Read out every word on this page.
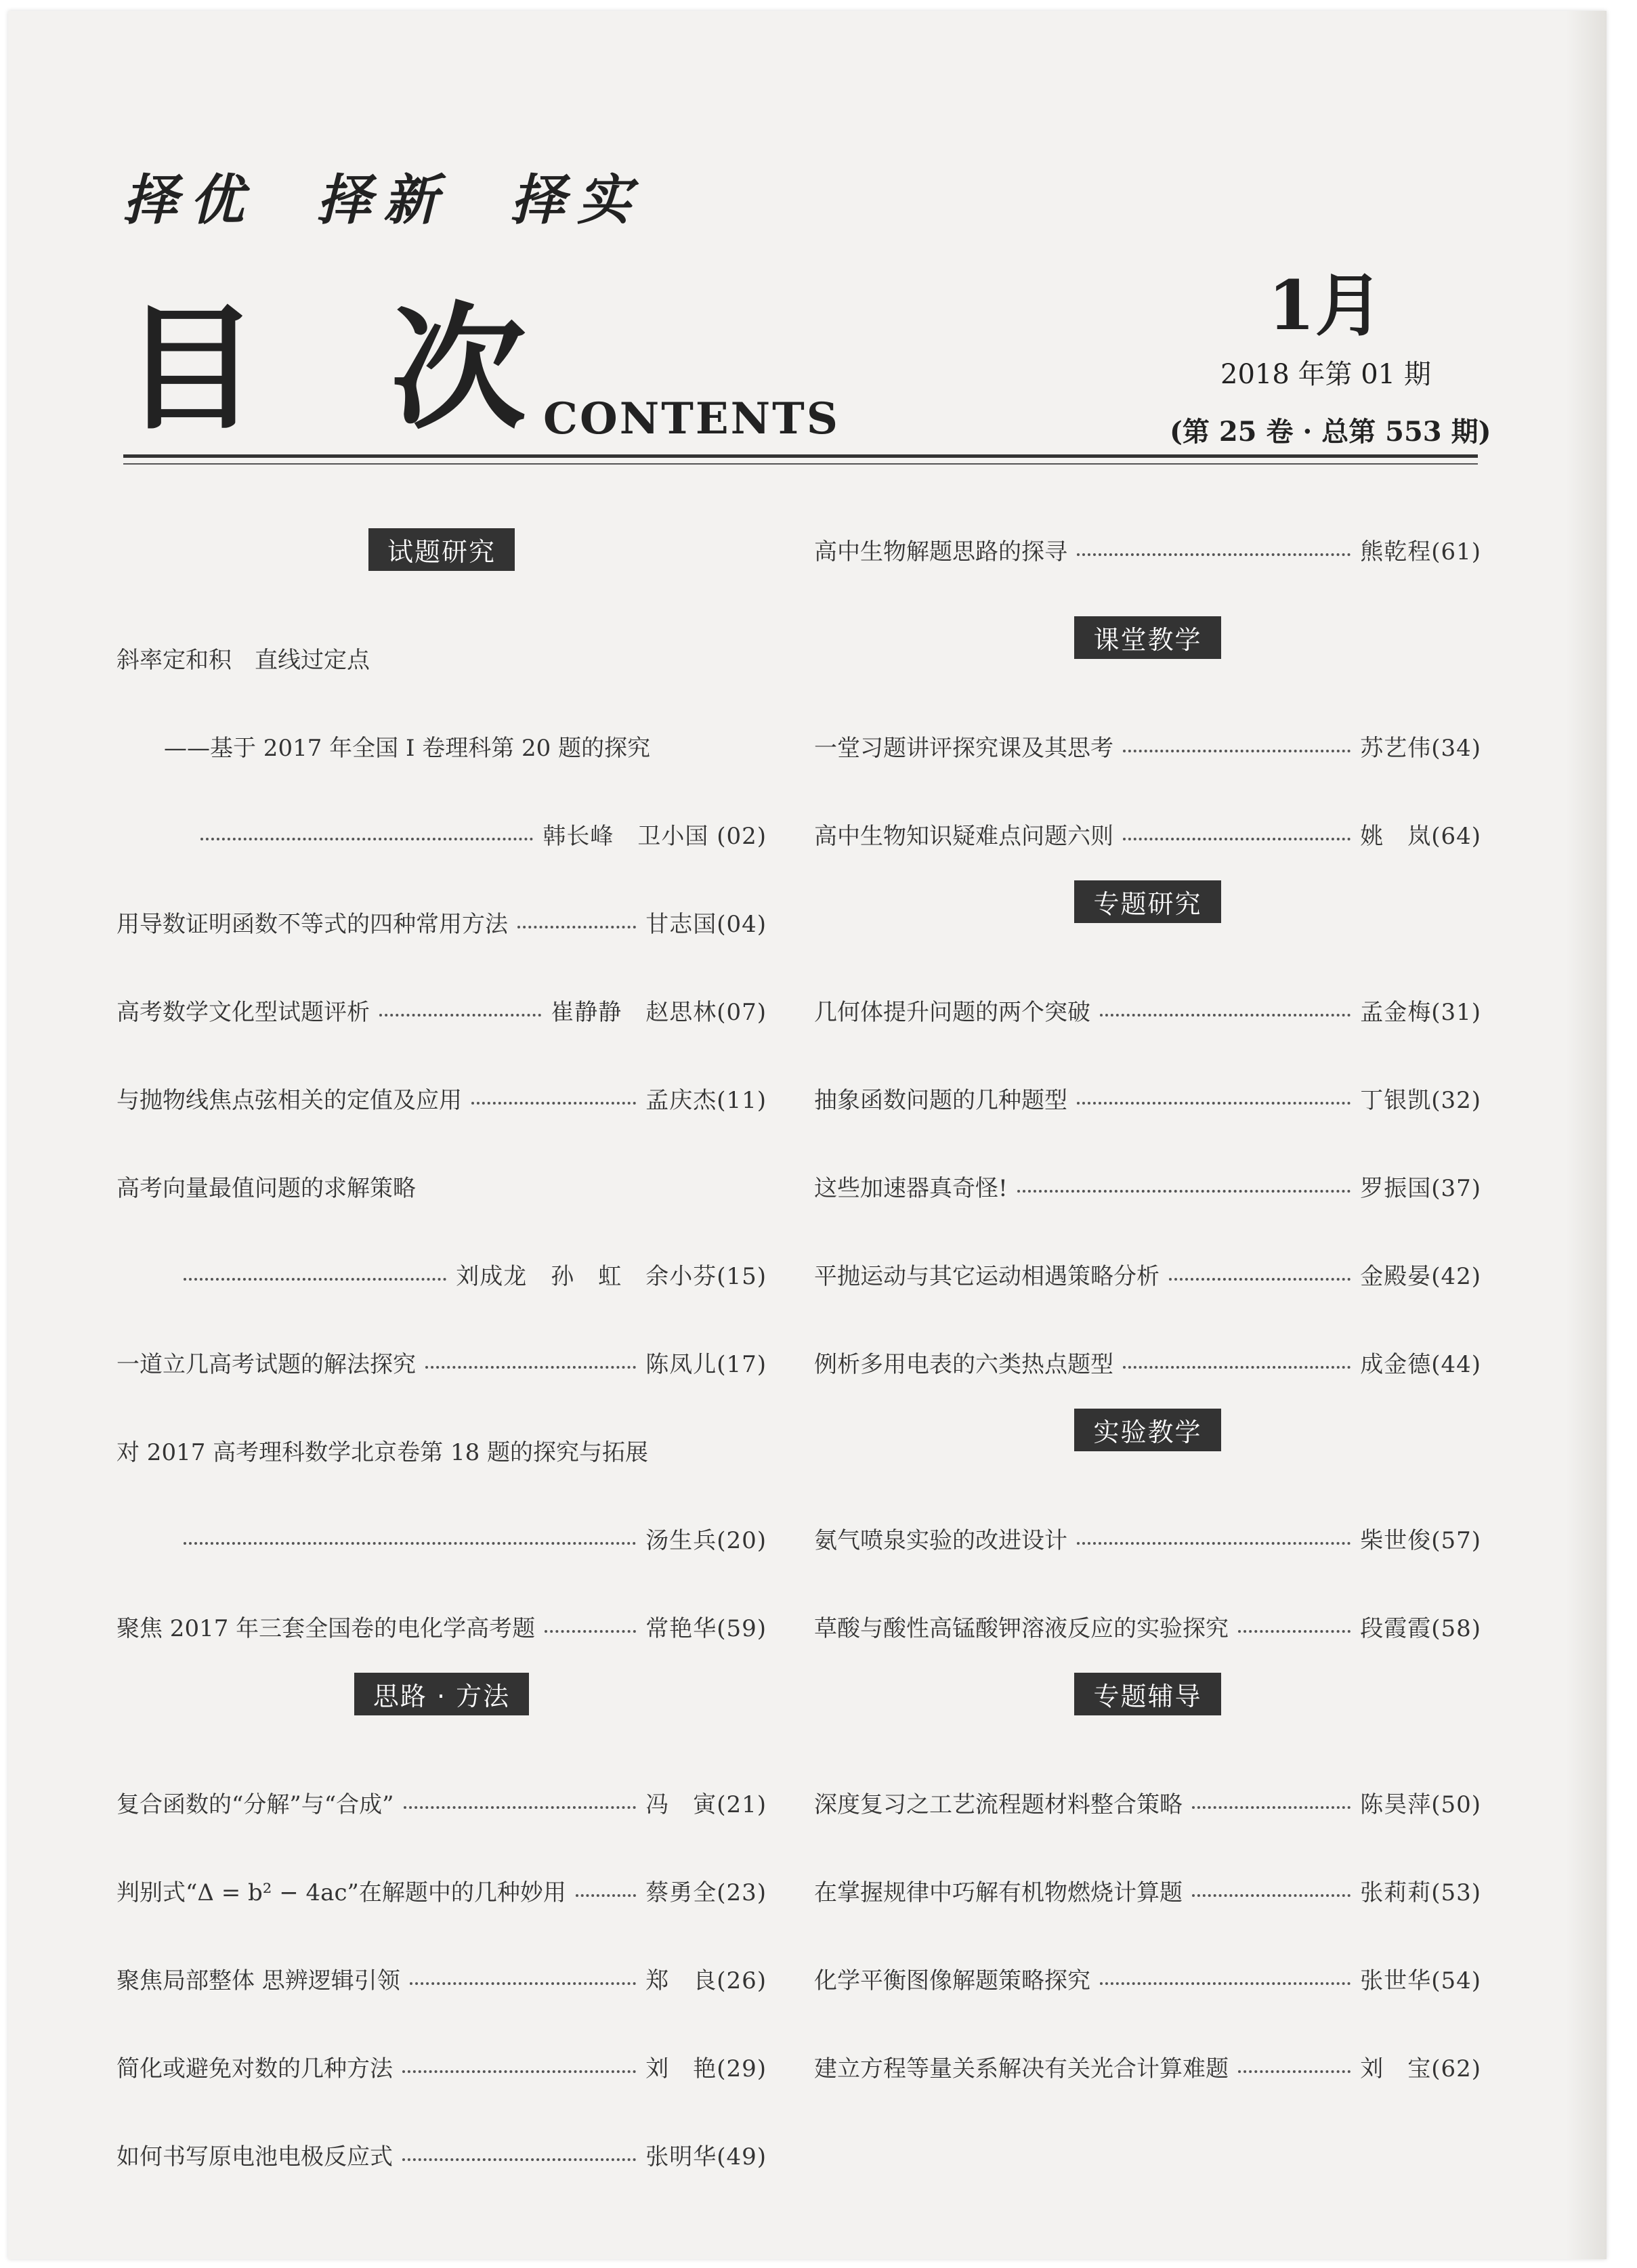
择优 择新 择实
目 次 CONTENTS
1月
2018 年第 01 期
(第 25 卷 · 总第 553 期)
试题研究
斜率定和积　直线过定点
——基于 2017 年全国 Ⅰ 卷理科第 20 题的探究
韩长峰　卫小国 (02)
用导数证明函数不等式的四种常用方法	甘志国(04)
高考数学文化型试题评析	崔静静　赵思林(07)
与抛物线焦点弦相关的定值及应用	孟庆杰(11)
高考向量最值问题的求解策略
刘成龙　孙　虹　余小芬(15)
一道立几高考试题的解法探究	陈凤儿(17)
对 2017 高考理科数学北京卷第 18 题的探究与拓展
汤生兵(20)
聚焦 2017 年三套全国卷的电化学高考题	常艳华(59)
思路 · 方法
复合函数的“分解”与“合成”	冯　寅(21)
判别式“Δ = b² − 4ac”在解题中的几种妙用	蔡勇全(23)
聚焦局部整体 思辨逻辑引领	郑　良(26)
简化或避免对数的几种方法	刘　艳(29)
如何书写原电池电极反应式	张明华(49)
高中生物解题思路的探寻	熊乾程(61)
课堂教学
一堂习题讲评探究课及其思考	苏艺伟(34)
高中生物知识疑难点问题六则	姚　岚(64)
专题研究
几何体提升问题的两个突破	孟金梅(31)
抽象函数问题的几种题型	丁银凯(32)
这些加速器真奇怪!	罗振国(37)
平抛运动与其它运动相遇策略分析	金殿晏(42)
例析多用电表的六类热点题型	成金德(44)
实验教学
氨气喷泉实验的改进设计	柴世俊(57)
草酸与酸性高锰酸钾溶液反应的实验探究	段霞霞(58)
专题辅导
深度复习之工艺流程题材料整合策略	陈昊萍(50)
在掌握规律中巧解有机物燃烧计算题	张莉莉(53)
化学平衡图像解题策略探究	张世华(54)
建立方程等量关系解决有关光合计算难题	刘　宝(62)
